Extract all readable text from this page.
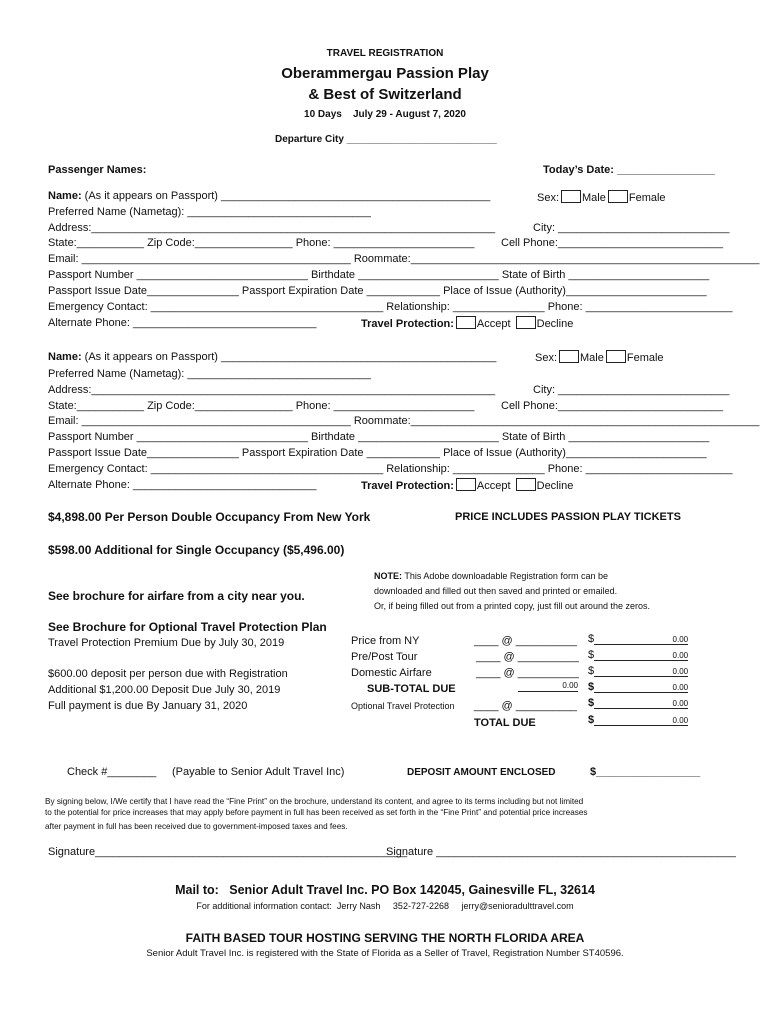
TRAVEL REGISTRATION
Oberammergau Passion Play
& Best of Switzerland
10 Days    July 29 - August 7, 2020
Departure City ___________________________
Passenger Names:	Today’s Date: ________________
Name: (As it appears on Passport) ____________________________________________	Sex: Male Female
Preferred Name (Nametag): ______________________________
Address:__________________________________________________________________	City: ____________________________
State:___________ Zip Code:________________ Phone: _______________________ Cell Phone:___________________________
Email: ____________________________________________ Roommate:_________________________________________________________
Passport Number ____________________________ Birthdate _______________________ State of Birth _______________________
Passport Issue Date_______________ Passport Expiration Date ____________ Place of Issue (Authority)_______________________
Emergency Contact: ______________________________________ Relationship: _______________ Phone: ________________________
Alternate Phone: ______________________________	Travel Protection: Accept Decline
Name: (As it appears on Passport) _____________________________________________	Sex: Male Female
Preferred Name (Nametag): ______________________________
Address:__________________________________________________________________	City: ____________________________
State:___________ Zip Code:________________ Phone: _______________________ Cell Phone:___________________________
Email: ____________________________________________ Roommate:_________________________________________________________
Passport Number ____________________________ Birthdate _______________________ State of Birth _______________________
Passport Issue Date_______________ Passport Expiration Date ____________ Place of Issue (Authority)_______________________
Emergency Contact: ______________________________________ Relationship: _______________ Phone: ________________________
Alternate Phone: ______________________________	Travel Protection: Accept Decline
$4,898.00 Per Person Double Occupancy From New York	PRICE INCLUDES PASSION PLAY TICKETS
$598.00 Additional for Single Occupancy ($5,496.00)
NOTE: This Adobe downloadable Registration form can be
downloaded and filled out then saved and printed or emailed.
Or, if being filled out from a printed copy, just fill out around the zeros.
See brochure for airfare from a city near you.
See Brochure for Optional Travel Protection Plan
Travel Protection Premium Due by July 30, 2019
$600.00 deposit per person due with Registration
Additional $1,200.00 Deposit Due July 30, 2019
Full payment is due By January 31, 2020
Price from NY	____ @ __________ $	0.00
Pre/Post Tour	____ @ __________ $	0.00
Domestic Airfare	____ @ __________ $	0.00
SUB-TOTAL DUE	0.00 $	0.00
Optional Travel Protection ____ @ __________ $	0.00
TOTAL DUE	$	0.00
Check #________ (Payable to Senior Adult Travel Inc)	DEPOSIT AMOUNT ENCLOSED	$_________________
By signing below, I/We certify that I have read the “Fine Print” on the brochure, understand its content, and agree to its terms including but not limited
to the potential for price increases that may apply before payment in full has been received as set forth in the “Fine Print” and potential price increases
after payment in full has been received due to government-imposed taxes and fees.
Signature___________________________________________________
Signature _________________________________________________
Mail to: Senior Adult Travel Inc. PO Box 142045, Gainesville FL, 32614
For additional information contact:  Jerry Nash     352-727-2268     jerry@senioradulttravel.com
FAITH BASED TOUR HOSTING SERVING THE NORTH FLORIDA AREA
Senior Adult Travel Inc. is registered with the State of Florida as a Seller of Travel, Registration Number ST40596.
